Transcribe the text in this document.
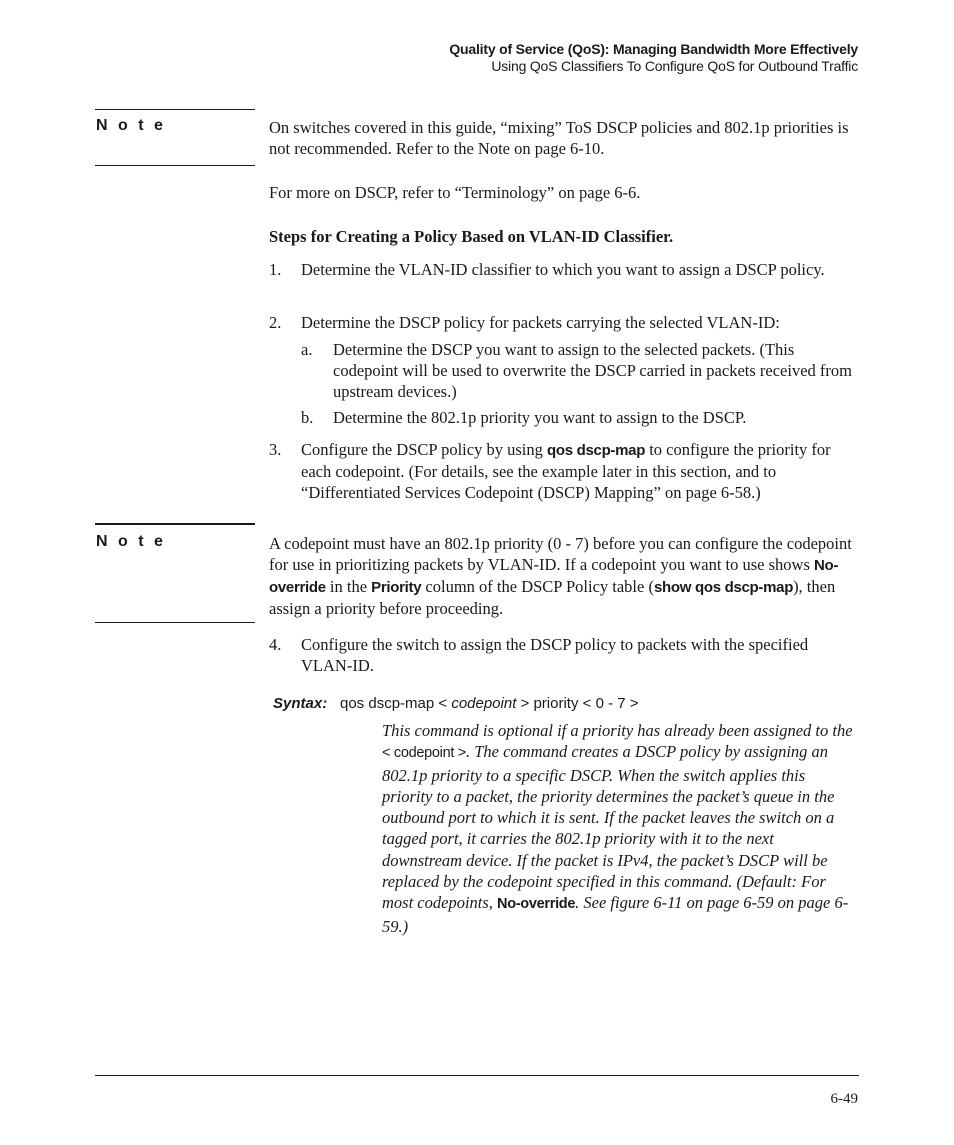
Quality of Service (QoS): Managing Bandwidth More Effectively
Using QoS Classifiers To Configure QoS for Outbound Traffic
N o t e	On switches covered in this guide, “mixing” ToS DSCP policies and 802.1p priorities is not recommended. Refer to the Note on page 6-10.
For more on DSCP, refer to “Terminology” on page 6-6.
Steps for Creating a Policy Based on VLAN-ID Classifier.
1. Determine the VLAN-ID classifier to which you want to assign a DSCP policy.
2. Determine the DSCP policy for packets carrying the selected VLAN-ID:
a. Determine the DSCP you want to assign to the selected packets. (This codepoint will be used to overwrite the DSCP carried in packets received from upstream devices.)
b. Determine the 802.1p priority you want to assign to the DSCP.
3. Configure the DSCP policy by using qos dscp-map to configure the priority for each codepoint. (For details, see the example later in this section, and to “Differentiated Services Codepoint (DSCP) Mapping” on page 6-58.)
N o t e	A codepoint must have an 802.1p priority (0 - 7) before you can configure the codepoint for use in prioritizing packets by VLAN-ID. If a codepoint you want to use shows No-override in the Priority column of the DSCP Policy table (show qos dscp-map), then assign a priority before proceeding.
4. Configure the switch to assign the DSCP policy to packets with the specified VLAN-ID.
Syntax: qos dscp-map < codepoint > priority < 0 - 7 >
This command is optional if a priority has already been assigned to the < codepoint >. The command creates a DSCP policy by assigning an 802.1p priority to a specific DSCP. When the switch applies this priority to a packet, the priority determines the packet’s queue in the outbound port to which it is sent. If the packet leaves the switch on a tagged port, it carries the 802.1p priority with it to the next downstream device. If the packet is IPv4, the packet’s DSCP will be replaced by the codepoint specified in this command. (Default: For most codepoints, No-override. See figure 6-11 on page 6-59 on page 6-59.)
6-49
